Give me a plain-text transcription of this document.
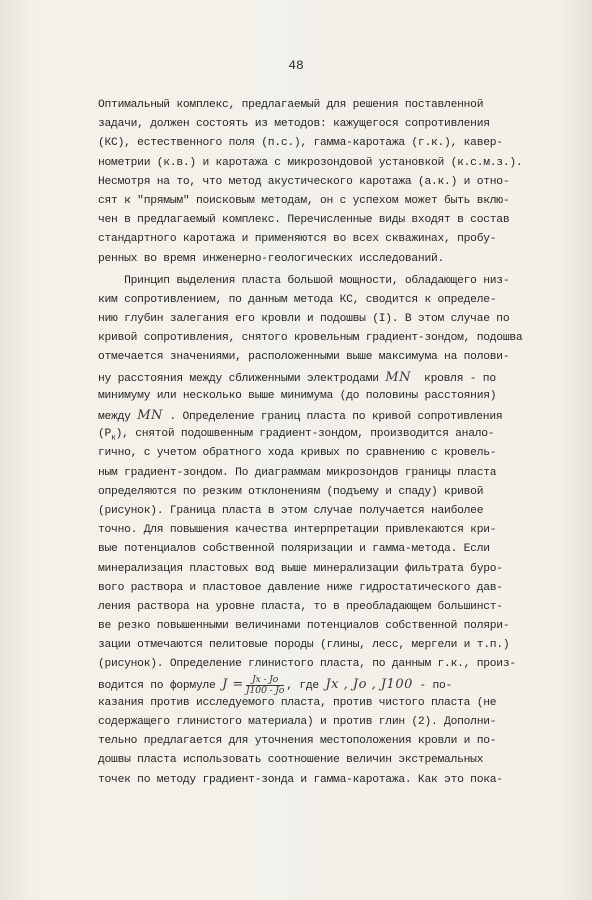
48
Оптимальный комплекс, предлагаемый для решения поставленной
задачи, должен состоять из методов: кажущегося сопротивления
(КС), естественного поля (п.с.), гамма-каротажа (г.к.), кавер-
нометрии (к.в.) и каротажа с микрозондовой установкой (к.с.м.з.).
Несмотря на то, что метод акустического каротажа (а.к.) и отно-
сят к "прямым" поисковым методам, он с успехом может быть вклю-
чен в предлагаемый комплекс. Перечисленные виды входят в состав
стандартного каротажа и применяются во всех скважинах, пробу-
ренных во время инженерно-геологических исследований.
Принцип выделения пласта большой мощности, обладающего низ-
ким сопротивлением, по данным метода КС, сводится к определе-
нию глубин залегания его кровли и подошвы (I). В этом случае по
кривой сопротивления, снятого кровельным градиент-зондом, подошва
отмечается значениями, расположенными выше максимума на полови-
ну расстояния между сближенными электродами MN кровля - по
минимуму или несколько выше минимума (до половины расстояния)
между MN . Определение границ пласта по кривой сопротивления
$(Р_к)$, снятой подошвенным градиент-зондом, производится анало-
гично, с учетом обратного хода кривых по сравнению с кровель-
ным градиент-зондом. По диаграммам микрозондов границы пласта
определяются по резким отклонениям (подъему и спаду) кривой
(рисунок). Граница пласта в этом случае получается наиболее
точно. Для повышения качества интерпретации привлекаются кри-
вые потенциалов собственной поляризации и гамма-метода. Если
минерализация пластовых вод выше минерализации фильтрата буро-
вого раствора и пластовое давление ниже гидростатического дав-
ления раствора на уровне пласта, то в преобладающем большинст-
ве резко повышенными величинами потенциалов собственной поляри-
зации отмечаются пелитовые породы (глины, лесс, мергели и т.п.)
(рисунок). Определение глинистого пласта, по данным г.к., произ-
водится по формуле $J = \frac{Jх - Jо}{J100 - Jо}$ , где Jх , Jо , J100 - по-
казания против исследуемого пласта, против чистого пласта (не
содержащего глинистого материала) и против глин (2). Дополни-
тельно предлагается для уточнения местоположения кровли и по-
дошвы пласта использовать соотношение величин экстремальных
точек по методу градиент-зонда и гамма-каротажа. Как это пока-
